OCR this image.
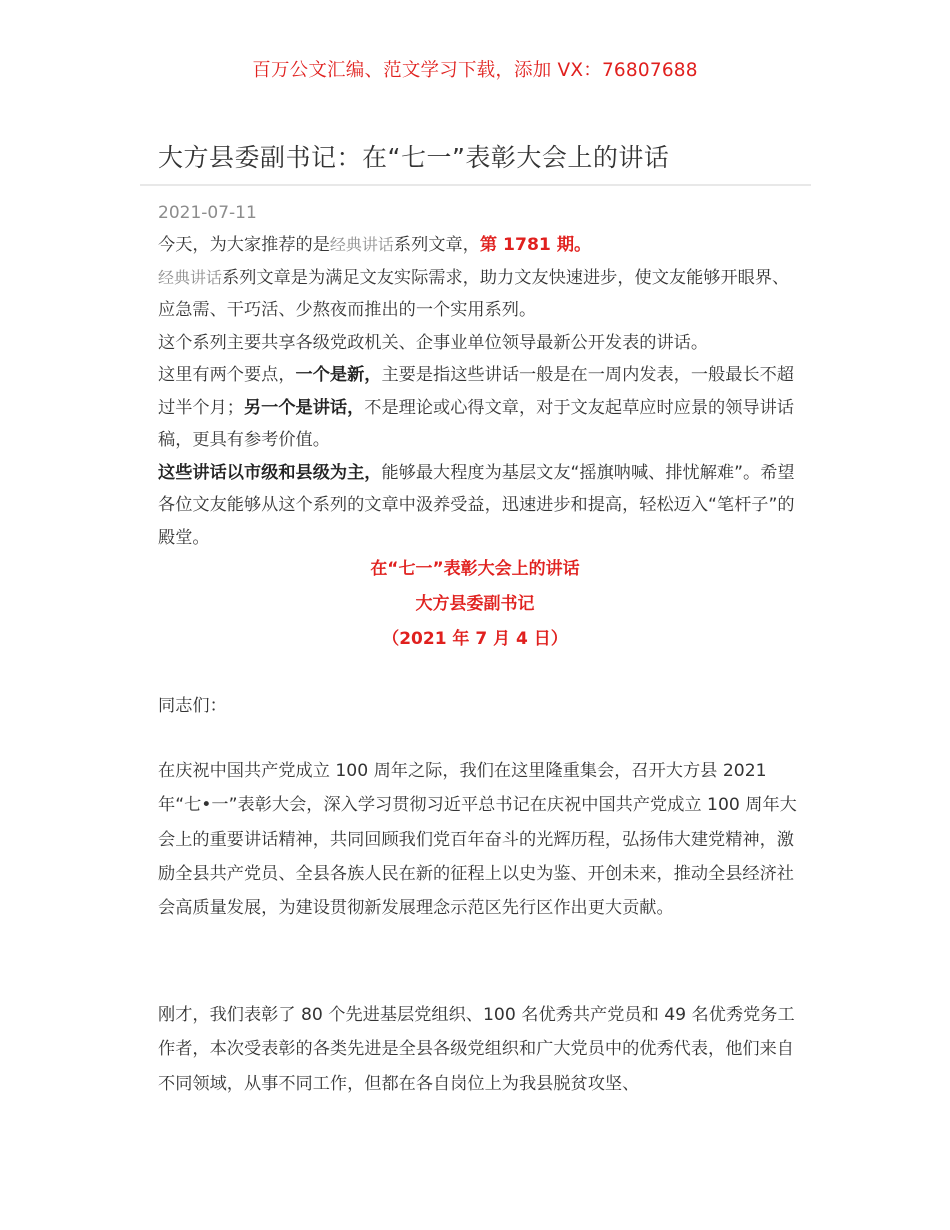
百万公文汇编、范文学习下载，添加 VX：76807688
大方县委副书记：在“七一”表彰大会上的讲话
2021-07-11

今天，为大家推荐的是经典讲话系列文章，第 1781 期。

经典讲话系列文章是为满足文友实际需求，助力文友快速进步，使文友能够开眼界、应急需、干巧活、少熬夜而推出的一个实用系列。

这个系列主要共享各级党政机关、企事业单位领导最新公开发表的讲话。

这里有两个要点，一个是新，主要是指这些讲话一般是在一周内发表，一般最长不超过半个月；另一个是讲话，不是理论或心得文章，对于文友起草应时应景的领导讲话稿，更具有参考价值。

这些讲话以市级和县级为主，能够最大程度为基层文友“摇旗呐喊、排忧解难”。希望各位文友能够从这个系列的文章中汲养受益，迅速进步和提高，轻松迈入“笔杆子”的殿堂。

在“七一”表彰大会上的讲话
大方县委副书记
（2021 年 7 月 4 日）
同志们：
在庆祝中国共产党成立 100 周年之际，我们在这里隆重集会，召开大方县 2021 年“七•一”表彰大会，深入学习贯彻习近平总书记在庆祝中国共产党成立 100 周年大会上的重要讲话精神，共同回顾我们党百年奋斗的光辉历程，弘扬伟大建党精神，激励全县共产党员、全县各族人民在新的征程上以史为鉴、开创未来，推动全县经济社会高质量发展，为建设贯彻新发展理念示范区先行区作出更大贡献。
刚才，我们表彰了 80 个先进基层党组织、100 名优秀共产党员和 49 名优秀党务工作者，本次受表彰的各类先进是全县各级党组织和广大党员中的优秀代表，他们来自不同领域，从事不同工作，但都在各自岗位上为我县脱贫攻坚、
